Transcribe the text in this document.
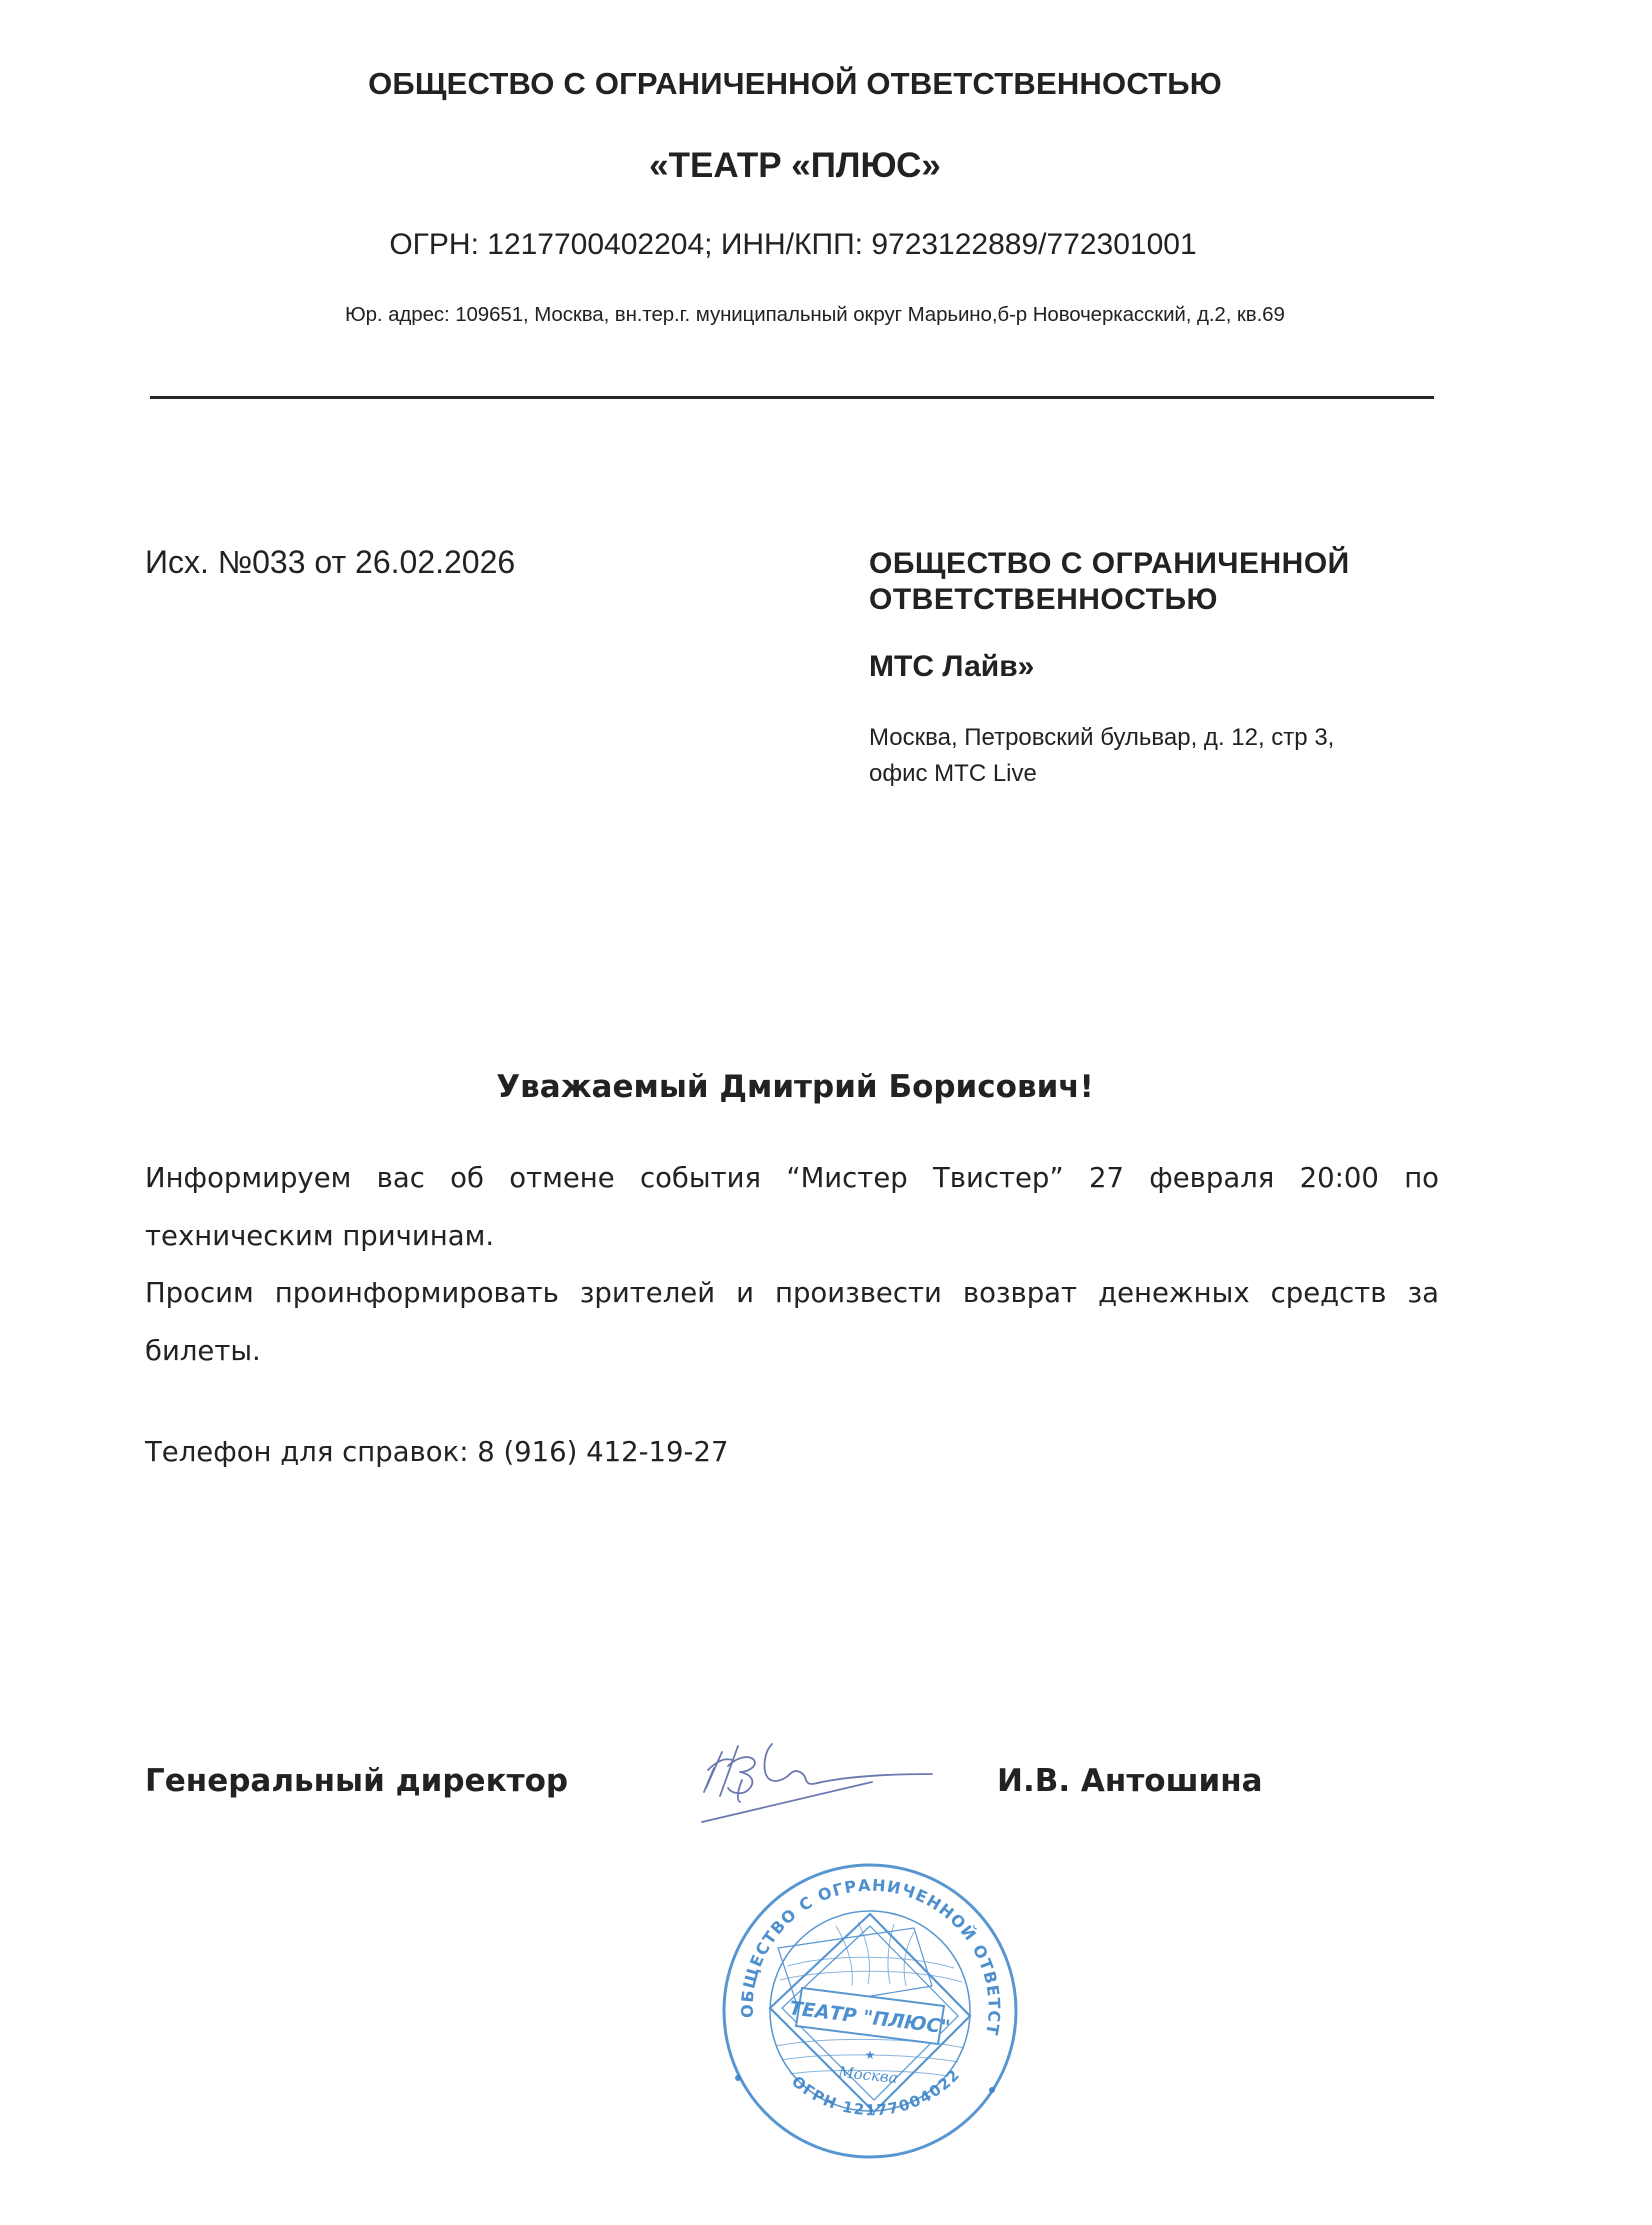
ОБЩЕСТВО С ОГРАНИЧЕННОЙ ОТВЕТСТВЕННОСТЬЮ
«ТЕАТР «ПЛЮС»
ОГРН: 1217700402204; ИНН/КПП: 9723122889/772301001
Юр. адрес: 109651, Москва, вн.тер.г. муниципальный округ Марьино,б-р Новочеркасский, д.2, кв.69
Исх. №033 от 26.02.2026	ОБЩЕСТВО С ОГРАНИЧЕННОЙ ОТВЕТСТВЕННОСТЬЮ
МТС Лайв»
Москва, Петровский бульвар, д. 12, стр 3,
офис МТС Live
Уважаемый Дмитрий Борисович!

Информируем вас об отмене события “Мистер Твистер” 27 февраля 20:00 по техническим причинам.

Просим проинформировать зрителей и произвести возврат денежных средств за билеты.

Телефон для справок: 8 (916) 412-19-27
Генеральный директор	И.В. Антошина
ОБЩЕСТВО С ОГРАНИЧЕННОЙ ОТВЕТСТ
ОГРН 12177004022
ТЕАТР "ПЛЮС"
★
Москва
